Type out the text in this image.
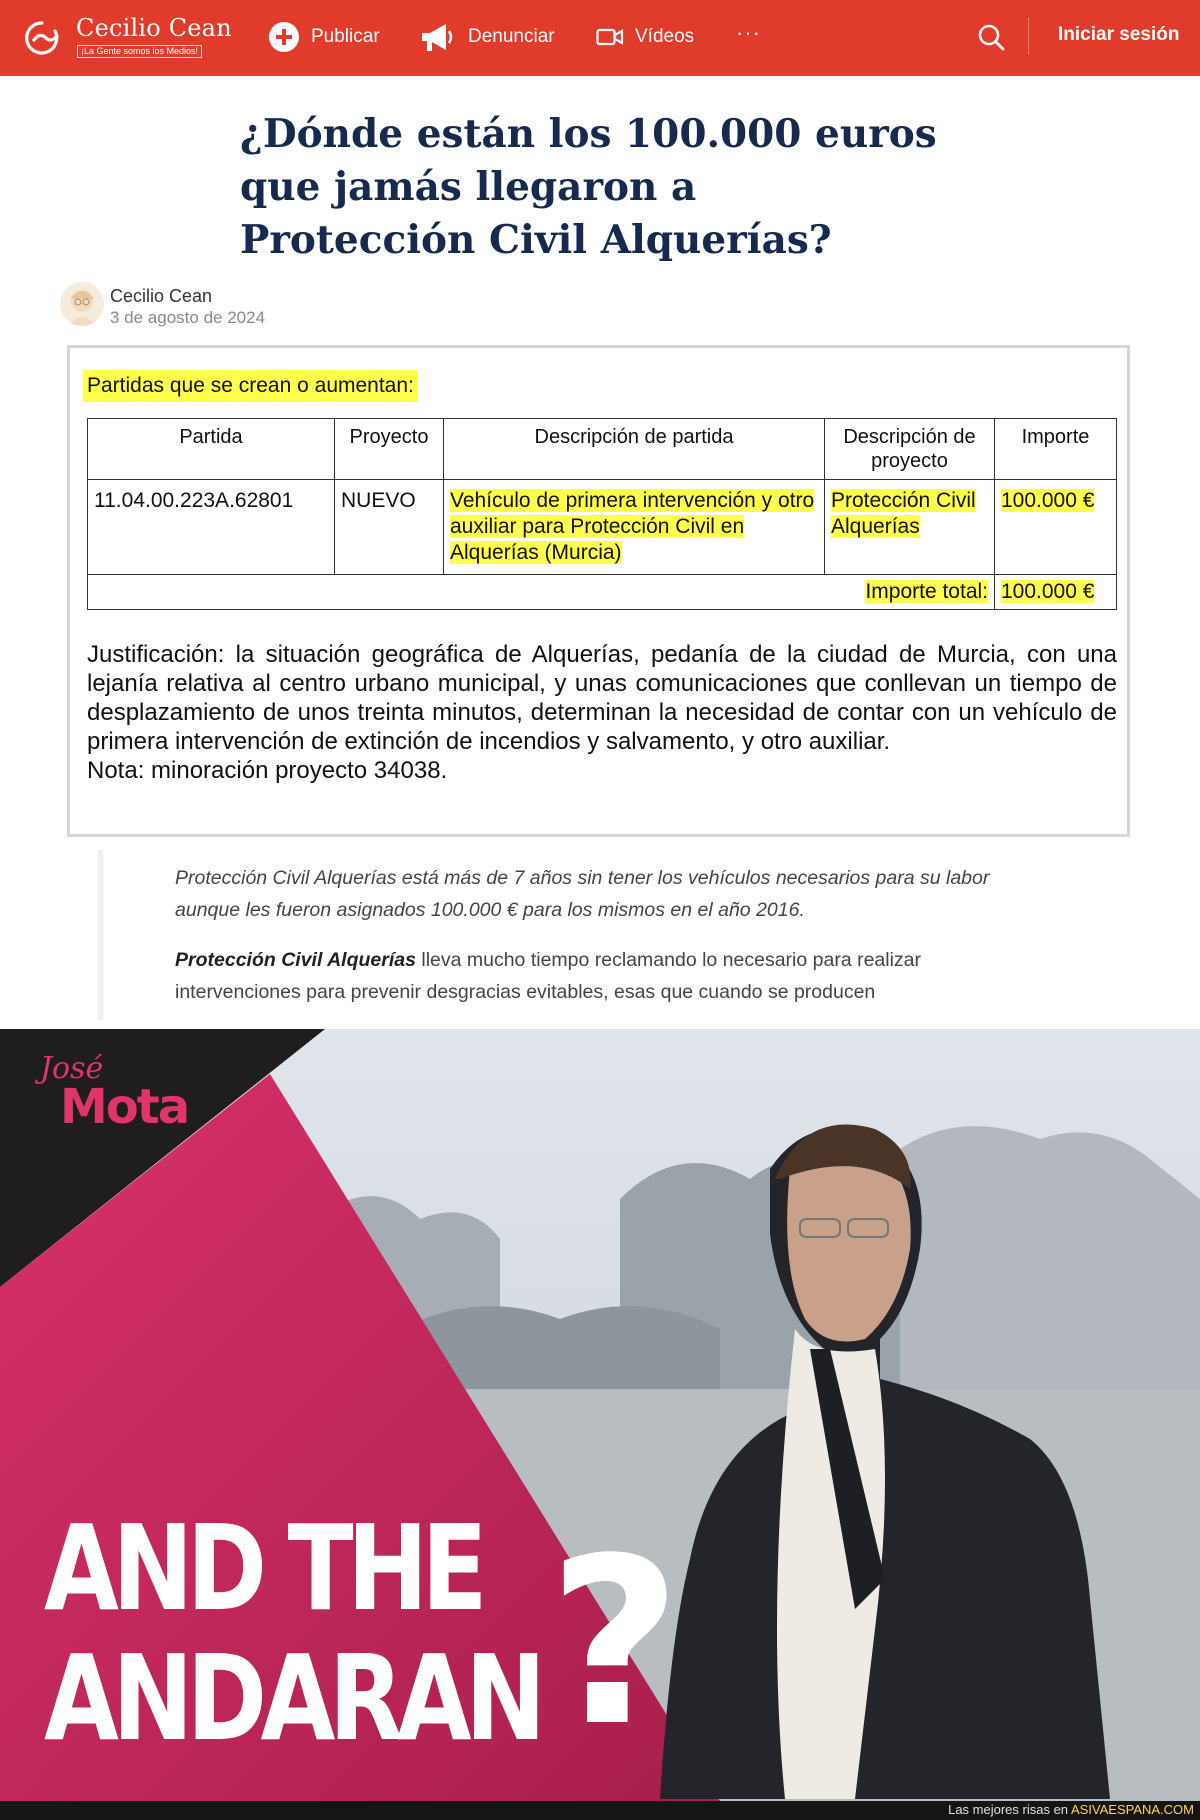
Cecilio Cean
¡La Gente somos los Medios!
Publicar	Denunciar	Vídeos ···	Iniciar sesión
¿Dónde están los 100.000 euros que jamás llegaron a Protección Civil Alquerías?
Cecilio Cean
3 de agosto de 2024
Partidas que se crean o aumentan:
Partida	Proyecto	Descripción de partida	Descripción de proyecto	Importe
11.04.00.223A.62801	NUEVO	Vehículo de primera intervención y otro auxiliar para Protección Civil en Alquerías (Murcia)	Protección Civil Alquerías	100.000 €
Importe total:				100.000 €
Justificación: la situación geográfica de Alquerías, pedanía de la ciudad de Murcia, con una lejanía relativa al centro urbano municipal, y unas comunicaciones que conllevan un tiempo de desplazamiento de unos treinta minutos, determinan la necesidad de contar con un vehículo de primera intervención de extinción de incendios y salvamento, y otro auxiliar.
Nota: minoración proyecto 34038.

Protección Civil Alquerías está más de 7 años sin tener los vehículos necesarios para su labor aunque les fueron asignados 100.000 € para los mismos en el año 2016.

Protección Civil Alquerías lleva mucho tiempo reclamando lo necesario para realizar intervenciones para prevenir desgracias evitables, esas que cuando se producen

José
Mota
AND THE
ANDARAN ?
Las mejores risas en ASIVAESPANA.COM
